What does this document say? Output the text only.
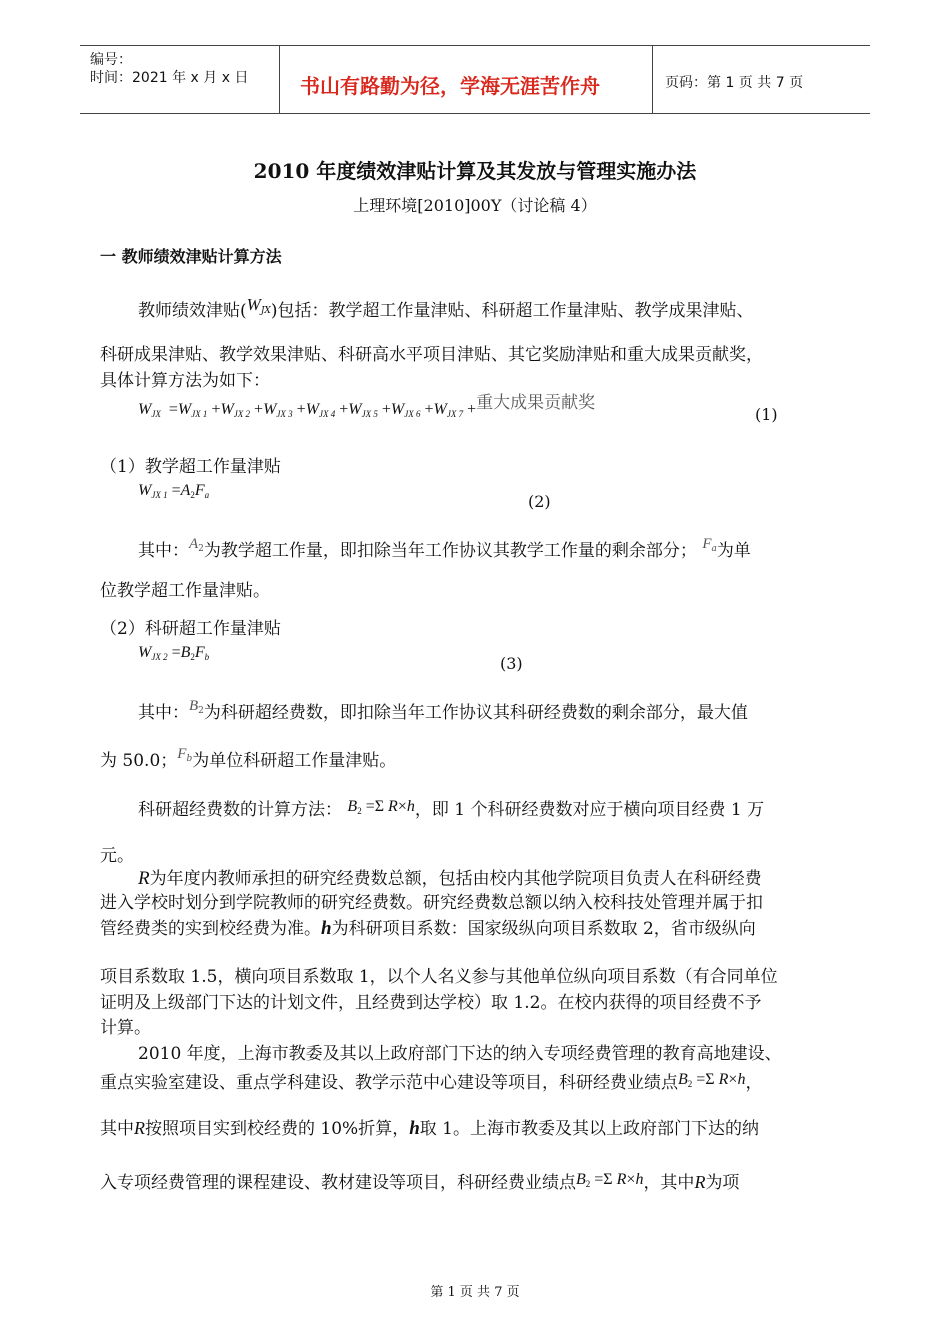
编号：
时间：2021 年 x 月 x 日	书山有路勤为径，学海无涯苦作舟	页码：第 1 页 共 7 页
2010 年度绩效津贴计算及其发放与管理实施办法
上理环境[2010]00Y（讨论稿 4）
一 教师绩效津贴计算方法
教师绩效津贴$(W_{JX})$包括：教学超工作量津贴、科研超工作量津贴、教学成果津贴、
科研成果津贴、教学效果津贴、科研高水平项目津贴、其它奖励津贴和重大成果贡献奖，
具体计算方法为如下：
$W_{JX} =W_{JX 1} +W_{JX 2} +W_{JX 3} +W_{JX 4} +W_{JX 5} +W_{JX 6} +W_{JX 7}$ +重大成果贡献奖
(1)
（1）教学超工作量津贴
$W_{JX 1} =A2F_a$	(2)
其中：$A^2$为教学超工作量，即扣除当年工作协议其教学工作量的剩余部分； $F^a$为单
位教学超工作量津贴。
（2）科研超工作量津贴
$W_{JX 2} =B2F_b$	(3)
其中：$B^2$为科研超经费数，即扣除当年工作协议其科研经费数的剩余部分，最大值
为 50.0；$F^b$为单位科研超工作量津贴。
科研超经费数的计算方法： B2 =Σ R×h，即 1 个科研经费数对应于横向项目经费 1 万
元。
R为年度内教师承担的研究经费数总额，包括由校内其他学院项目负责人在科研经费
进入学校时划分到学院教师的研究经费数。研究经费数总额以纳入校科技处管理并属于扣
管经费类的实到校经费为准。h为科研项目系数：国家级纵向项目系数取 2，省市级纵向
项目系数取 1.5，横向项目系数取 1，以个人名义参与其他单位纵向项目系数（有合同单位
证明及上级部门下达的计划文件，且经费到达学校）取 1.2。在校内获得的项目经费不予
计算。
2010 年度，上海市教委及其以上政府部门下达的纳入专项经费管理的教育高地建设、
重点实验室建设、重点学科建设、教学示范中心建设等项目，科研经费业绩点B2 =Σ R×h，
其中R按照项目实到校经费的 10%折算，h取 1。上海市教委及其以上政府部门下达的纳
入专项经费管理的课程建设、教材建设等项目，科研经费业绩点B2 =Σ R×h，其中R为项
第 1 页 共 7 页
